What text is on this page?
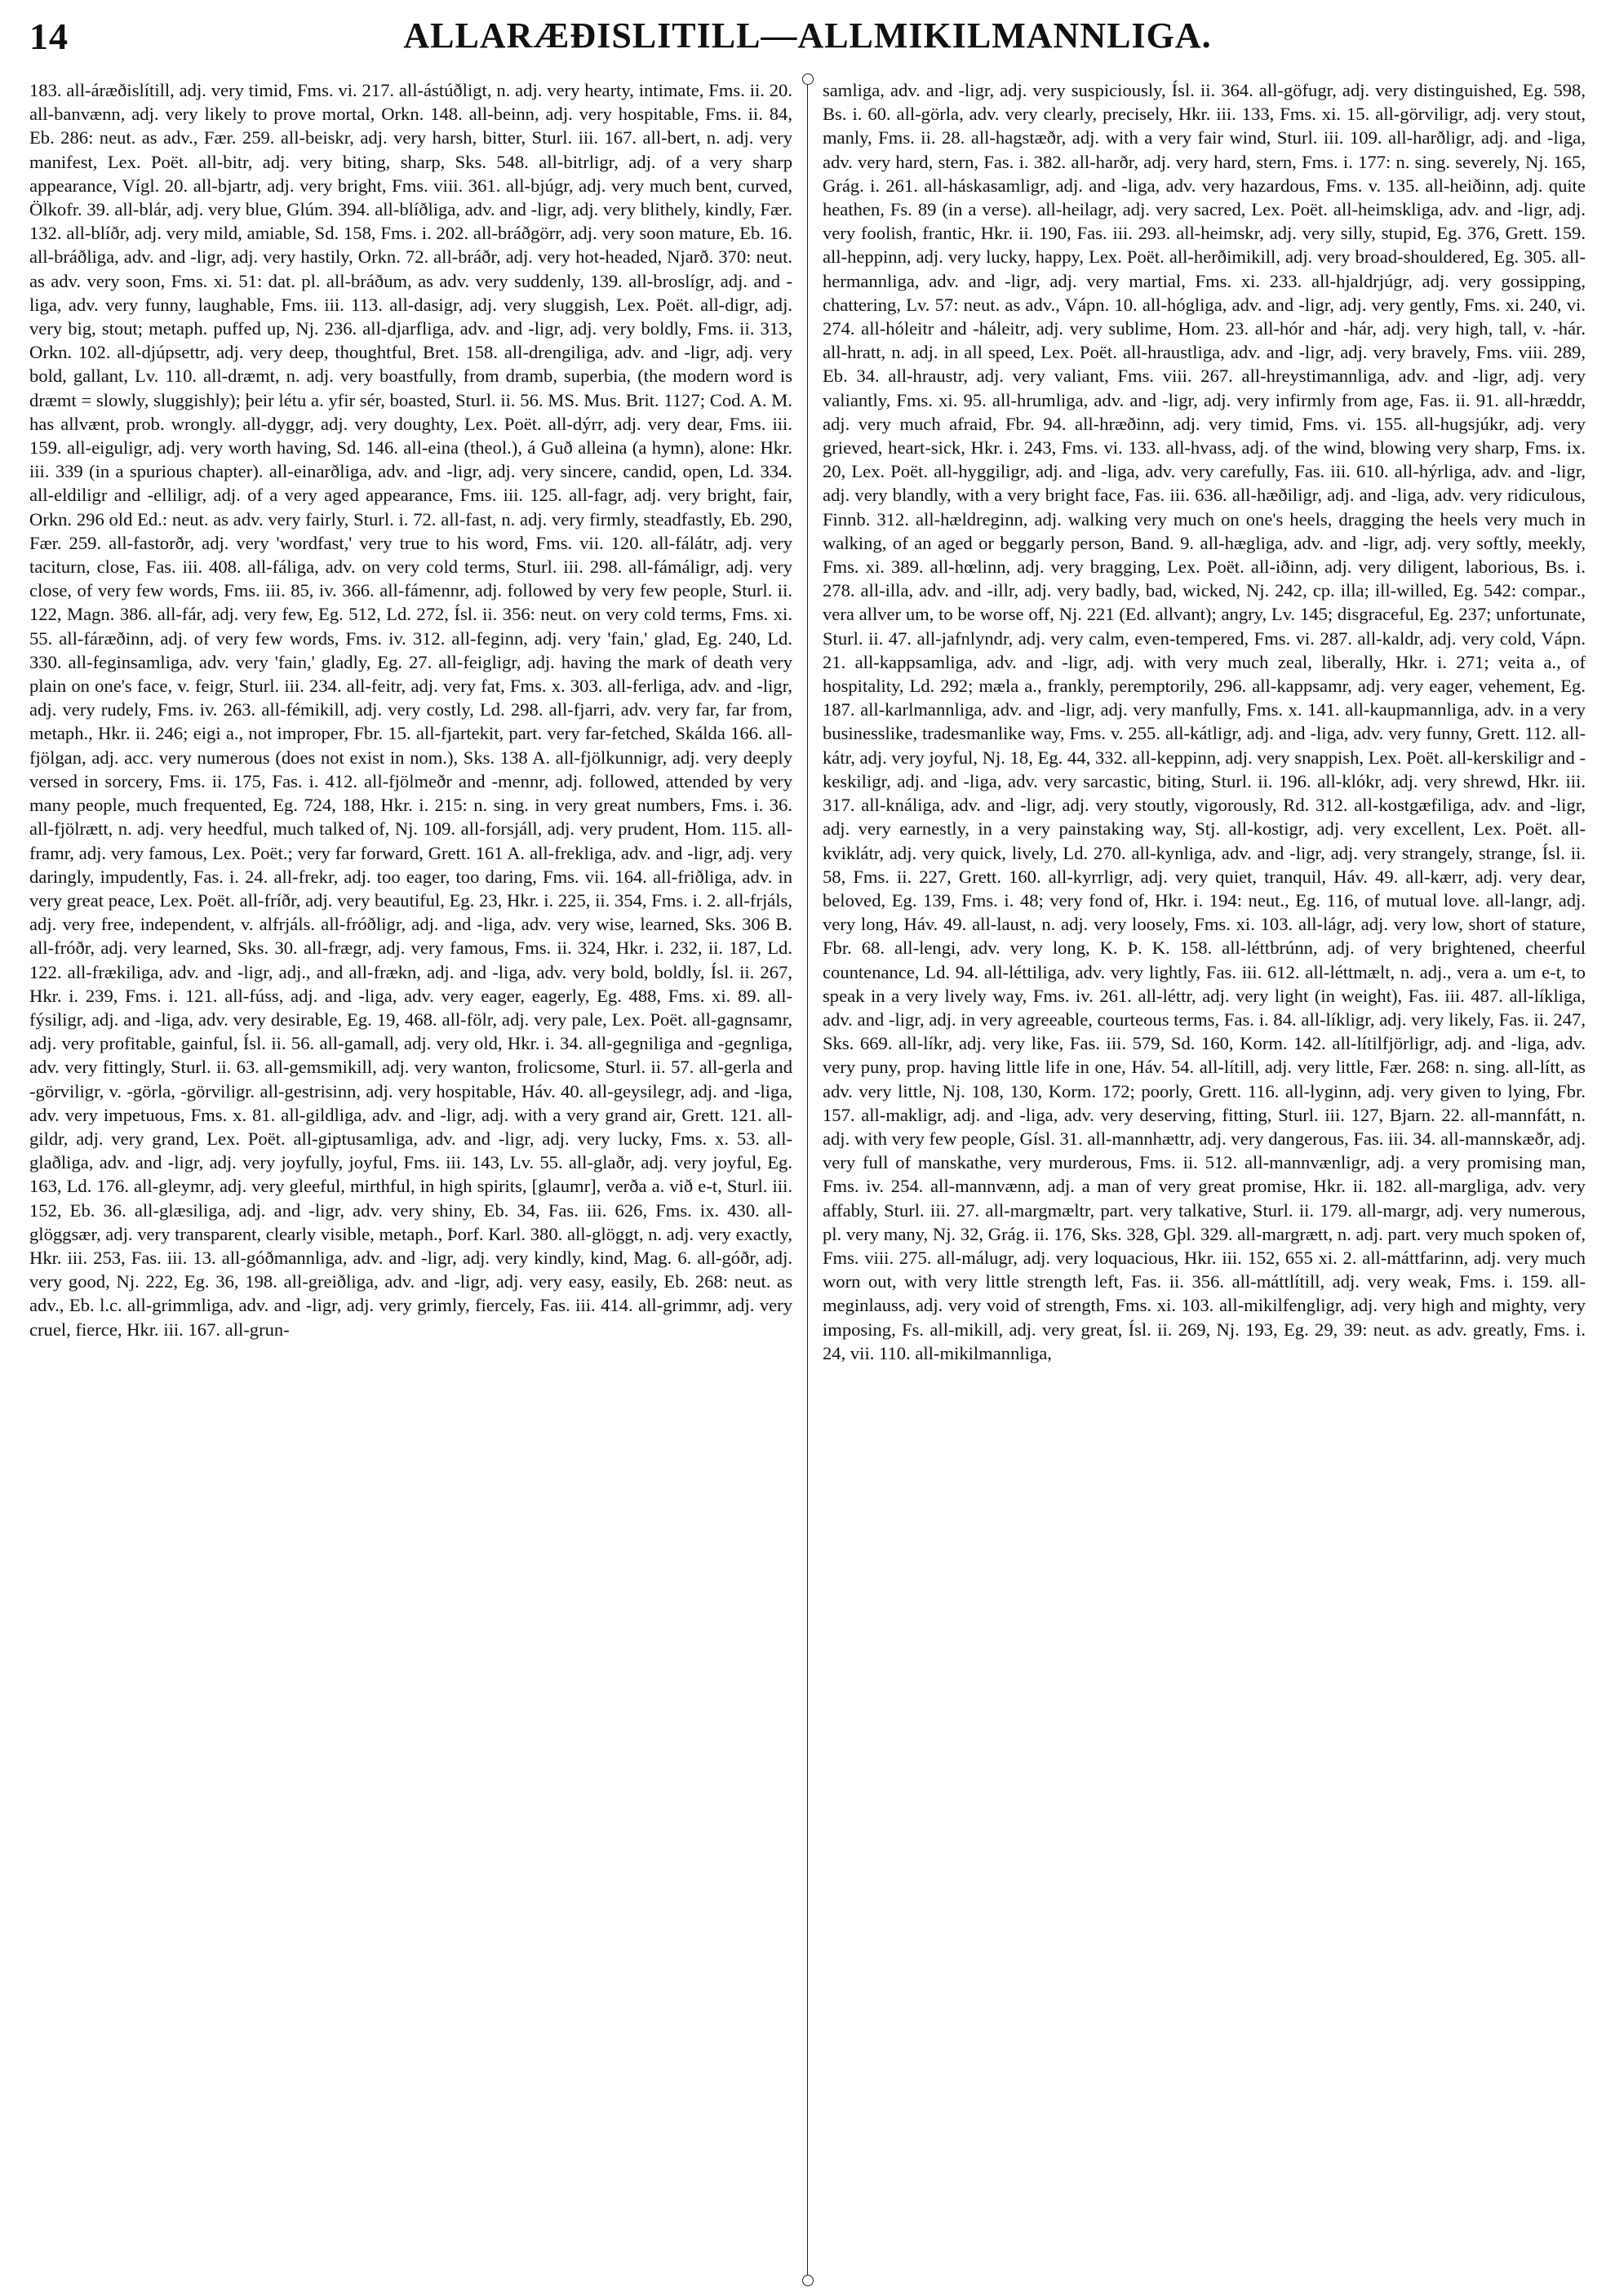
14	ALLARÆÐISLITILL—ALLMIKILMANNLIGA.

183. all-áræðislítill, adj. very timid, Fms. vi. 217. all-ástúðligt, n. adj. very hearty, intimate, Fms. ii. 20. all-banvænn, adj. very likely to prove mortal, Orkn. 148. all-beinn, adj. very hospitable, Fms. ii. 84, Eb. 286: neut. as adv., Fær. 259. all-beiskr, adj. very harsh, bitter, Sturl. iii. 167. all-bert, n. adj. very manifest, Lex. Poët. all-bitr, adj. very biting, sharp, Sks. 548. all-bitrligr, adj. of a very sharp appearance, Vígl. 20. all-bjartr, adj. very bright, Fms. viii. 361. all-bjúgr, adj. very much bent, curved, Ölkofr. 39. all-blár, adj. very blue, Glúm. 394. all-blíðliga, adv. and -ligr, adj. very blithely, kindly, Fær. 132. all-blíðr, adj. very mild, amiable, Sd. 158, Fms. i. 202. all-bráðgörr, adj. very soon mature, Eb. 16. all-bráðliga, adv. and -ligr, adj. very hastily, Orkn. 72. all-bráðr, adj. very hot-headed, Njarð. 370: neut. as adv. very soon, Fms. xi. 51: dat. pl. all-bráðum, as adv. very suddenly, 139. all-broslígr, adj. and -liga, adv. very funny, laughable, Fms. iii. 113. all-dasigr, adj. very sluggish, Lex. Poët. all-digr, adj. very big, stout; metaph. puffed up, Nj. 236. all-djarfliga, adv. and -ligr, adj. very boldly, Fms. ii. 313, Orkn. 102. all-djúpsettr, adj. very deep, thoughtful, Bret. 158. all-drengiliga, adv. and -ligr, adj. very bold, gallant, Lv. 110. all-dræmt, n. adj. very boastfully, from dramb, superbia, (the modern word is dræmt = slowly, sluggishly); þeir létu a. yfir sér, boasted, Sturl. ii. 56. MS. Mus. Brit. 1127; Cod. A. M. has allvænt, prob. wrongly. all-dyggr, adj. very doughty, Lex. Poët. all-dýrr, adj. very dear, Fms. iii. 159. all-eiguligr, adj. very worth having, Sd. 146. all-eina (theol.), á Guð alleina (a hymn), alone: Hkr. iii. 339 (in a spurious chapter). all-einarðliga, adv. and -ligr, adj. very sincere, candid, open, Ld. 334. all-eldiligr and -elliligr, adj. of a very aged appearance, Fms. iii. 125. all-fagr, adj. very bright, fair, Orkn. 296 old Ed.: neut. as adv. very fairly, Sturl. i. 72. all-fast, n. adj. very firmly, steadfastly, Eb. 290, Fær. 259. all-fastorðr, adj. very 'wordfast,' very true to his word, Fms. vii. 120. all-fálátr, adj. very taciturn, close, Fas. iii. 408. all-fáliga, adv. on very cold terms, Sturl. iii. 298. all-fámáligr, adj. very close, of very few words, Fms. iii. 85, iv. 366. all-fámennr, adj. followed by very few people, Sturl. ii. 122, Magn. 386. all-fár, adj. very few, Eg. 512, Ld. 272, Ísl. ii. 356: neut. on very cold terms, Fms. xi. 55. all-fáræðinn, adj. of very few words, Fms. iv. 312. all-feginn, adj. very 'fain,' glad, Eg. 240, Ld. 330. all-feginsamliga, adv. very 'fain,' gladly, Eg. 27. all-feigligr, adj. having the mark of death very plain on one's face, v. feigr, Sturl. iii. 234. all-feitr, adj. very fat, Fms. x. 303. all-ferliga, adv. and -ligr, adj. very rudely, Fms. iv. 263. all-fémikill, adj. very costly, Ld. 298. all-fjarri, adv. very far, far from, metaph., Hkr. ii. 246; eigi a., not improper, Fbr. 15. all-fjartekit, part. very far-fetched, Skálda 166. all-fjölgan, adj. acc. very numerous (does not exist in nom.), Sks. 138 A. all-fjölkunnigr, adj. very deeply versed in sorcery, Fms. ii. 175, Fas. i. 412. all-fjölmeðr and -mennr, adj. followed, attended by very many people, much frequented, Eg. 724, 188, Hkr. i. 215: n. sing. in very great numbers, Fms. i. 36. all-fjölrætt, n. adj. very heedful, much talked of, Nj. 109. all-forsjáll, adj. very prudent, Hom. 115. all-framr, adj. very famous, Lex. Poët.; very far forward, Grett. 161 A. all-frekliga, adv. and -ligr, adj. very daringly, impudently, Fas. i. 24. all-frekr, adj. too eager, too daring, Fms. vii. 164. all-friðliga, adv. in very great peace, Lex. Poët. all-fríðr, adj. very beautiful, Eg. 23, Hkr. i. 225, ii. 354, Fms. i. 2. all-frjáls, adj. very free, independent, v. alfrjáls. all-fróðligr, adj. and -liga, adv. very wise, learned, Sks. 306 B. all-fróðr, adj. very learned, Sks. 30. all-frægr, adj. very famous, Fms. ii. 324, Hkr. i. 232, ii. 187, Ld. 122. all-frækiliga, adv. and -ligr, adj., and all-frækn, adj. and -liga, adv. very bold, boldly, Ísl. ii. 267, Hkr. i. 239, Fms. i. 121. all-fúss, adj. and -liga, adv. very eager, eagerly, Eg. 488, Fms. xi. 89. all-fýsiligr, adj. and -liga, adv. very desirable, Eg. 19, 468. all-fölr, adj. very pale, Lex. Poët. all-gagnsamr, adj. very profitable, gainful, Ísl. ii. 56. all-gamall, adj. very old, Hkr. i. 34. all-gegniliga and -gegnliga, adv. very fittingly, Sturl. ii. 63. all-gemsmikill, adj. very wanton, frolicsome, Sturl. ii. 57. all-gerla and -görviligr, v. -görla, -görviligr. all-gestrisinn, adj. very hospitable, Háv. 40. all-geysilegr, adj. and -liga, adv. very impetuous, Fms. x. 81. all-gildliga, adv. and -ligr, adj. with a very grand air, Grett. 121. all-gildr, adj. very grand, Lex. Poët. all-giptusamliga, adv. and -ligr, adj. very lucky, Fms. x. 53. all-glaðliga, adv. and -ligr, adj. very joyfully, joyful, Fms. iii. 143, Lv. 55. all-glaðr, adj. very joyful, Eg. 163, Ld. 176. all-gleymr, adj. very gleeful, mirthful, in high spirits, [glaumr], verða a. við e-t, Sturl. iii. 152, Eb. 36. all-glæsiliga, adj. and -ligr, adv. very shiny, Eb. 34, Fas. iii. 626, Fms. ix. 430. all-glöggsær, adj. very transparent, clearly visible, metaph., Þorf. Karl. 380. all-glöggt, n. adj. very exactly, Hkr. iii. 253, Fas. iii. 13. all-góðmannliga, adv. and -ligr, adj. very kindly, kind, Mag. 6. all-góðr, adj. very good, Nj. 222, Eg. 36, 198. all-greiðliga, adv. and -ligr, adj. very easy, easily, Eb. 268: neut. as adv., Eb. l.c. all-grimmliga, adv. and -ligr, adj. very grimly, fiercely, Fas. iii. 414. all-grimmr, adj. very cruel, fierce, Hkr. iii. 167. all-grun-

samliga, adv. and -ligr, adj. very suspiciously, Ísl. ii. 364. all-göfugr, adj. very distinguished, Eg. 598, Bs. i. 60. all-görla, adv. very clearly, precisely, Hkr. iii. 133, Fms. xi. 15. all-görviligr, adj. very stout, manly, Fms. ii. 28. all-hagstæðr, adj. with a very fair wind, Sturl. iii. 109. all-harðligr, adj. and -liga, adv. very hard, stern, Fas. i. 382. all-harðr, adj. very hard, stern, Fms. i. 177: n. sing. severely, Nj. 165, Grág. i. 261. all-háskasamligr, adj. and -liga, adv. very hazardous, Fms. v. 135. all-heiðinn, adj. quite heathen, Fs. 89 (in a verse). all-heilagr, adj. very sacred, Lex. Poët. all-heimskliga, adv. and -ligr, adj. very foolish, frantic, Hkr. ii. 190, Fas. iii. 293. all-heimskr, adj. very silly, stupid, Eg. 376, Grett. 159. all-heppinn, adj. very lucky, happy, Lex. Poët. all-herðimikill, adj. very broad-shouldered, Eg. 305. all-hermannliga, adv. and -ligr, adj. very martial, Fms. xi. 233. all-hjaldrjúgr, adj. very gossipping, chattering, Lv. 57: neut. as adv., Vápn. 10. all-hógliga, adv. and -ligr, adj. very gently, Fms. xi. 240, vi. 274. all-hóleitr and -háleitr, adj. very sublime, Hom. 23. all-hór and -hár, adj. very high, tall, v. -hár. all-hratt, n. adj. in all speed, Lex. Poët. all-hraustliga, adv. and -ligr, adj. very bravely, Fms. viii. 289, Eb. 34. all-hraustr, adj. very valiant, Fms. viii. 267. all-hreystimannliga, adv. and -ligr, adj. very valiantly, Fms. xi. 95. all-hrumliga, adv. and -ligr, adj. very infirmly from age, Fas. ii. 91. all-hræddr, adj. very much afraid, Fbr. 94. all-hræðinn, adj. very timid, Fms. vi. 155. all-hugsjúkr, adj. very grieved, heart-sick, Hkr. i. 243, Fms. vi. 133. all-hvass, adj. of the wind, blowing very sharp, Fms. ix. 20, Lex. Poët. all-hyggiligr, adj. and -liga, adv. very carefully, Fas. iii. 610. all-hýrliga, adv. and -ligr, adj. very blandly, with a very bright face, Fas. iii. 636. all-hæðiligr, adj. and -liga, adv. very ridiculous, Finnb. 312. all-hældreginn, adj. walking very much on one's heels, dragging the heels very much in walking, of an aged or beggarly person, Band. 9. all-hægliga, adv. and -ligr, adj. very softly, meekly, Fms. xi. 389. all-hœlinn, adj. very bragging, Lex. Poët. all-iðinn, adj. very diligent, laborious, Bs. i. 278. all-illa, adv. and -illr, adj. very badly, bad, wicked, Nj. 242, cp. illa; ill-willed, Eg. 542: compar., vera allver um, to be worse off, Nj. 221 (Ed. allvant); angry, Lv. 145; disgraceful, Eg. 237; unfortunate, Sturl. ii. 47. all-jafnlyndr, adj. very calm, even-tempered, Fms. vi. 287. all-kaldr, adj. very cold, Vápn. 21. all-kappsamliga, adv. and -ligr, adj. with very much zeal, liberally, Hkr. i. 271; veita a., of hospitality, Ld. 292; mæla a., frankly, peremptorily, 296. all-kappsamr, adj. very eager, vehement, Eg. 187. all-karlmannliga, adv. and -ligr, adj. very manfully, Fms. x. 141. all-kaupmannliga, adv. in a very businesslike, tradesmanlike way, Fms. v. 255. all-kátligr, adj. and -liga, adv. very funny, Grett. 112. all-kátr, adj. very joyful, Nj. 18, Eg. 44, 332. all-keppinn, adj. very snappish, Lex. Poët. all-kerskiligr and -keskiligr, adj. and -liga, adv. very sarcastic, biting, Sturl. ii. 196. all-klókr, adj. very shrewd, Hkr. iii. 317. all-knáliga, adv. and -ligr, adj. very stoutly, vigorously, Rd. 312. all-kostgæfiliga, adv. and -ligr, adj. very earnestly, in a very painstaking way, Stj. all-kostigr, adj. very excellent, Lex. Poët. all-kviklátr, adj. very quick, lively, Ld. 270. all-kynliga, adv. and -ligr, adj. very strangely, strange, Ísl. ii. 58, Fms. ii. 227, Grett. 160. all-kyrrligr, adj. very quiet, tranquil, Háv. 49. all-kærr, adj. very dear, beloved, Eg. 139, Fms. i. 48; very fond of, Hkr. i. 194: neut., Eg. 116, of mutual love. all-langr, adj. very long, Háv. 49. all-laust, n. adj. very loosely, Fms. xi. 103. all-lágr, adj. very low, short of stature, Fbr. 68. all-lengi, adv. very long, K. Þ. K. 158. all-léttbrúnn, adj. of very brightened, cheerful countenance, Ld. 94. all-léttiliga, adv. very lightly, Fas. iii. 612. all-léttmælt, n. adj., vera a. um e-t, to speak in a very lively way, Fms. iv. 261. all-léttr, adj. very light (in weight), Fas. iii. 487. all-líkliga, adv. and -ligr, adj. in very agreeable, courteous terms, Fas. i. 84. all-líkligr, adj. very likely, Fas. ii. 247, Sks. 669. all-líkr, adj. very like, Fas. iii. 579, Sd. 160, Korm. 142. all-lítilfjörligr, adj. and -liga, adv. very puny, prop. having little life in one, Háv. 54. all-lítill, adj. very little, Fær. 268: n. sing. all-lítt, as adv. very little, Nj. 108, 130, Korm. 172; poorly, Grett. 116. all-lyginn, adj. very given to lying, Fbr. 157. all-makligr, adj. and -liga, adv. very deserving, fitting, Sturl. iii. 127, Bjarn. 22. all-mannfátt, n. adj. with very few people, Gísl. 31. all-mannhættr, adj. very dangerous, Fas. iii. 34. all-mannskæðr, adj. very full of manskathe, very murderous, Fms. ii. 512. all-mannvænligr, adj. a very promising man, Fms. iv. 254. all-mannvænn, adj. a man of very great promise, Hkr. ii. 182. all-margliga, adv. very affably, Sturl. iii. 27. all-margmæltr, part. very talkative, Sturl. ii. 179. all-margr, adj. very numerous, pl. very many, Nj. 32, Grág. ii. 176, Sks. 328, Gþl. 329. all-margrætt, n. adj. part. very much spoken of, Fms. viii. 275. all-málugr, adj. very loquacious, Hkr. iii. 152, 655 xi. 2. all-máttfarinn, adj. very much worn out, with very little strength left, Fas. ii. 356. all-máttlítill, adj. very weak, Fms. i. 159. all-meginlauss, adj. very void of strength, Fms. xi. 103. all-mikilfengligr, adj. very high and mighty, very imposing, Fs. all-mikill, adj. very great, Ísl. ii. 269, Nj. 193, Eg. 29, 39: neut. as adv. greatly, Fms. i. 24, vii. 110. all-mikilmannliga,
